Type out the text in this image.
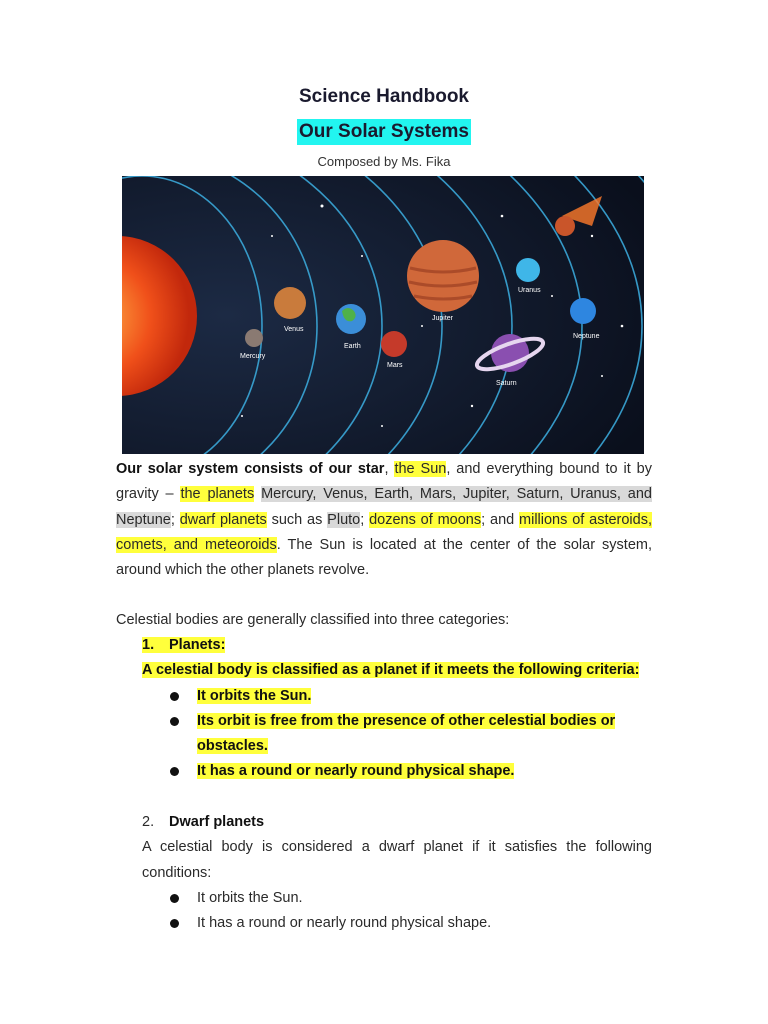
Science Handbook
Our Solar Systems
Composed by Ms. Fika
Mercury
Venus
Earth
Mars
Jupiter
Uranus
Neptune
Saturn

Our solar system consists of our star, the Sun, and everything bound to it by gravity – the planets Mercury, Venus, Earth, Mars, Jupiter, Saturn, Uranus, and Neptune; dwarf planets such as Pluto; dozens of moons; and millions of asteroids, comets, and meteoroids. The Sun is located at the center of the solar system, around which the other planets revolve.

Celestial bodies are generally classified into three categories:

1. Planets:
A celestial body is classified as a planet if it meets the following criteria:
It orbits the Sun.
Its orbit is free from the presence of other celestial bodies or obstacles.
It has a round or nearly round physical shape.
2. Dwarf planets
A celestial body is considered a dwarf planet if it satisfies the following conditions:
It orbits the Sun.
It has a round or nearly round physical shape.
